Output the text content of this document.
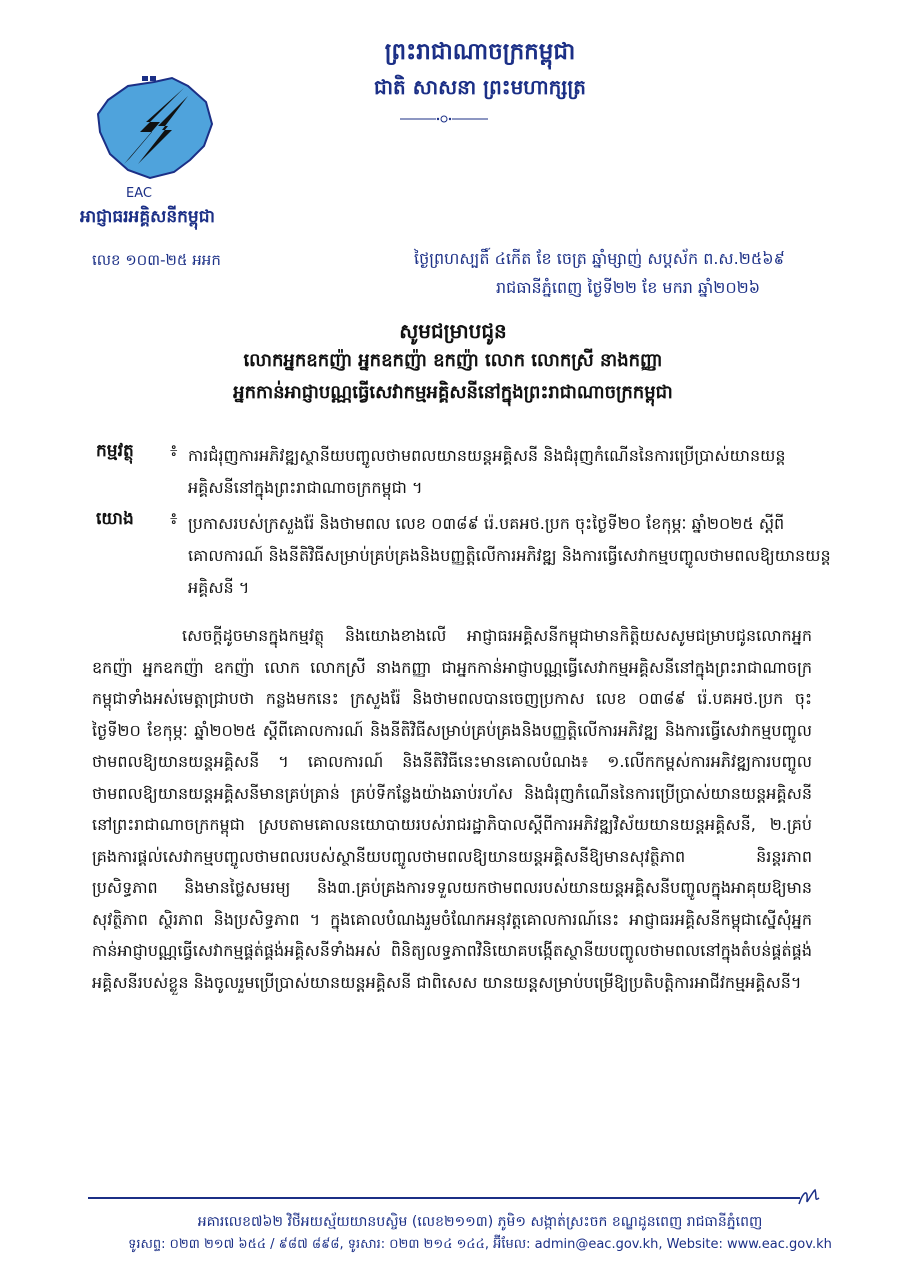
ព្រះរាជាណាចក្រកម្ពុជា
ជាតិ សាសនា ព្រះមហាក្សត្រ
EAC
អាជ្ញាធរអគ្គិសនីកម្ពុជា
លេខ ១០៣-២៥ អអក	ថ្ងៃព្រហស្បតិ៍ ៤កើត ខែ ចេត្រ ឆ្នាំម្សាញ់ សប្តស័ក ព.ស.២៥៦៩
រាជធានីភ្នំពេញ ថ្ងៃទី២២ ខែ មករា ឆ្នាំ២០២៦
សូមជម្រាបជូន
លោកអ្នកឧកញ៉ា អ្នកឧកញ៉ា ឧកញ៉ា លោក លោកស្រី នាងកញ្ញា
អ្នកកាន់អាជ្ញាបណ្ណធ្វើសេវាកម្មអគ្គិសនីនៅក្នុងព្រះរាជាណាចក្រកម្ពុជា
កម្មវត្ថុ	៖ ការជំរុញការអភិវឌ្ឍស្ថានីយបញ្ចូលថាមពលយានយន្តអគ្គិសនី និងជំរុញកំណើននៃការប្រើប្រាស់យានយន្តអគ្គិសនីនៅក្នុងព្រះរាជាណាចក្រកម្ពុជា ។
យោង	៖ ប្រកាសរបស់ក្រសួងរ៉ែ និងថាមពល លេខ ០៣៨៩ រ៉េ.បគអថ.ប្រក ចុះថ្ងៃទី២០ ខែកុម្ភៈ ឆ្នាំ២០២៥ ស្តីពីគោលការណ៍ និងនីតិវិធីសម្រាប់គ្រប់គ្រងនិងបញ្ញត្តិលើការអភិវឌ្ឍ និងការធ្វើសេវាកម្មបញ្ចូលថាមពលឱ្យយានយន្តអគ្គិសនី ។
សេចក្តីដូចមានក្នុងកម្មវត្ថុ និងយោងខាងលើ អាជ្ញាធរអគ្គិសនីកម្ពុជាមានកិត្តិយសសូមជម្រាបជូនលោកអ្នកឧកញ៉ា អ្នកឧកញ៉ា ឧកញ៉ា លោក លោកស្រី នាងកញ្ញា ជាអ្នកកាន់អាជ្ញាបណ្ណធ្វើសេវាកម្មអគ្គិសនីនៅក្នុងព្រះរាជាណាចក្រកម្ពុជាទាំងអស់មេត្តាជ្រាបថា កន្លងមកនេះ ក្រសួងរ៉ែ និងថាមពលបានចេញប្រកាស លេខ ០៣៨៩ រ៉េ.បគអថ.ប្រក ចុះថ្ងៃទី២០ ខែកុម្ភៈ ឆ្នាំ២០២៥ ស្តីពីគោលការណ៍ និងនីតិវិធីសម្រាប់គ្រប់គ្រងនិងបញ្ញត្តិលើការអភិវឌ្ឍ និងការធ្វើសេវាកម្មបញ្ចូលថាមពលឱ្យយានយន្តអគ្គិសនី ។ គោលការណ៍ និងនីតិវិធីនេះមានគោលបំណង៖ ១.លើកកម្ពស់ការអភិវឌ្ឍការបញ្ចូលថាមពលឱ្យយានយន្តអគ្គិសនីមានគ្រប់គ្រាន់ គ្រប់ទីកន្លែងយ៉ាងឆាប់រហ័ស និងជំរុញកំណើននៃការប្រើប្រាស់យានយន្តអគ្គិសនីនៅព្រះរាជាណាចក្រកម្ពុជា ស្របតាមគោលនយោបាយរបស់រាជរដ្ឋាភិបាលស្តីពីការអភិវឌ្ឍវិស័យយានយន្តអគ្គិសនី, ២.គ្រប់គ្រងការផ្តល់សេវាកម្មបញ្ចូលថាមពលរបស់ស្ថានីយបញ្ចូលថាមពលឱ្យយានយន្តអគ្គិសនីឱ្យមានសុវត្ថិភាព និរន្តរភាព ប្រសិទ្ធភាព និងមានថ្លៃសមរម្យ និង៣.គ្រប់គ្រងការទទួលយកថាមពលរបស់យានយន្តអគ្គិសនីបញ្ចូលក្នុងអាគុយឱ្យមានសុវត្ថិភាព ស្ថិរភាព និងប្រសិទ្ធភាព ។ ក្នុងគោលបំណងរួមចំណែកអនុវត្តគោលការណ៍នេះ អាជ្ញាធរអគ្គិសនីកម្ពុជាស្នើសុំអ្នកកាន់អាជ្ញាបណ្ណធ្វើសេវាកម្មផ្គត់ផ្គង់អគ្គិសនីទាំងអស់ ពិនិត្យលទ្ធភាពវិនិយោគបង្កើតស្ថានីយបញ្ចូលថាមពលនៅក្នុងតំបន់ផ្គត់ផ្គង់អគ្គិសនីរបស់ខ្លួន និងចូលរួមប្រើប្រាស់យានយន្តអគ្គិសនី ជាពិសេស យានយន្តសម្រាប់បម្រើឱ្យប្រតិបត្តិការអាជីវកម្មអគ្គិសនី។
អគារលេខ៧៦២ វិថីអយស្ម័យយានបស្ចិម (លេខ២១១៣) ភូមិ១ សង្កាត់ស្រះចក ខណ្ឌដូនពេញ រាជធានីភ្នំពេញ
ទូរសព្ទ: ០២៣ ២១៧ ៦៥៤ / ៩៨៧ ៨៩៨, ទូរសារ: ០២៣ ២១៤ ១៤៤, អ៊ីមែល: admin@eac.gov.kh, Website: www.eac.gov.kh
